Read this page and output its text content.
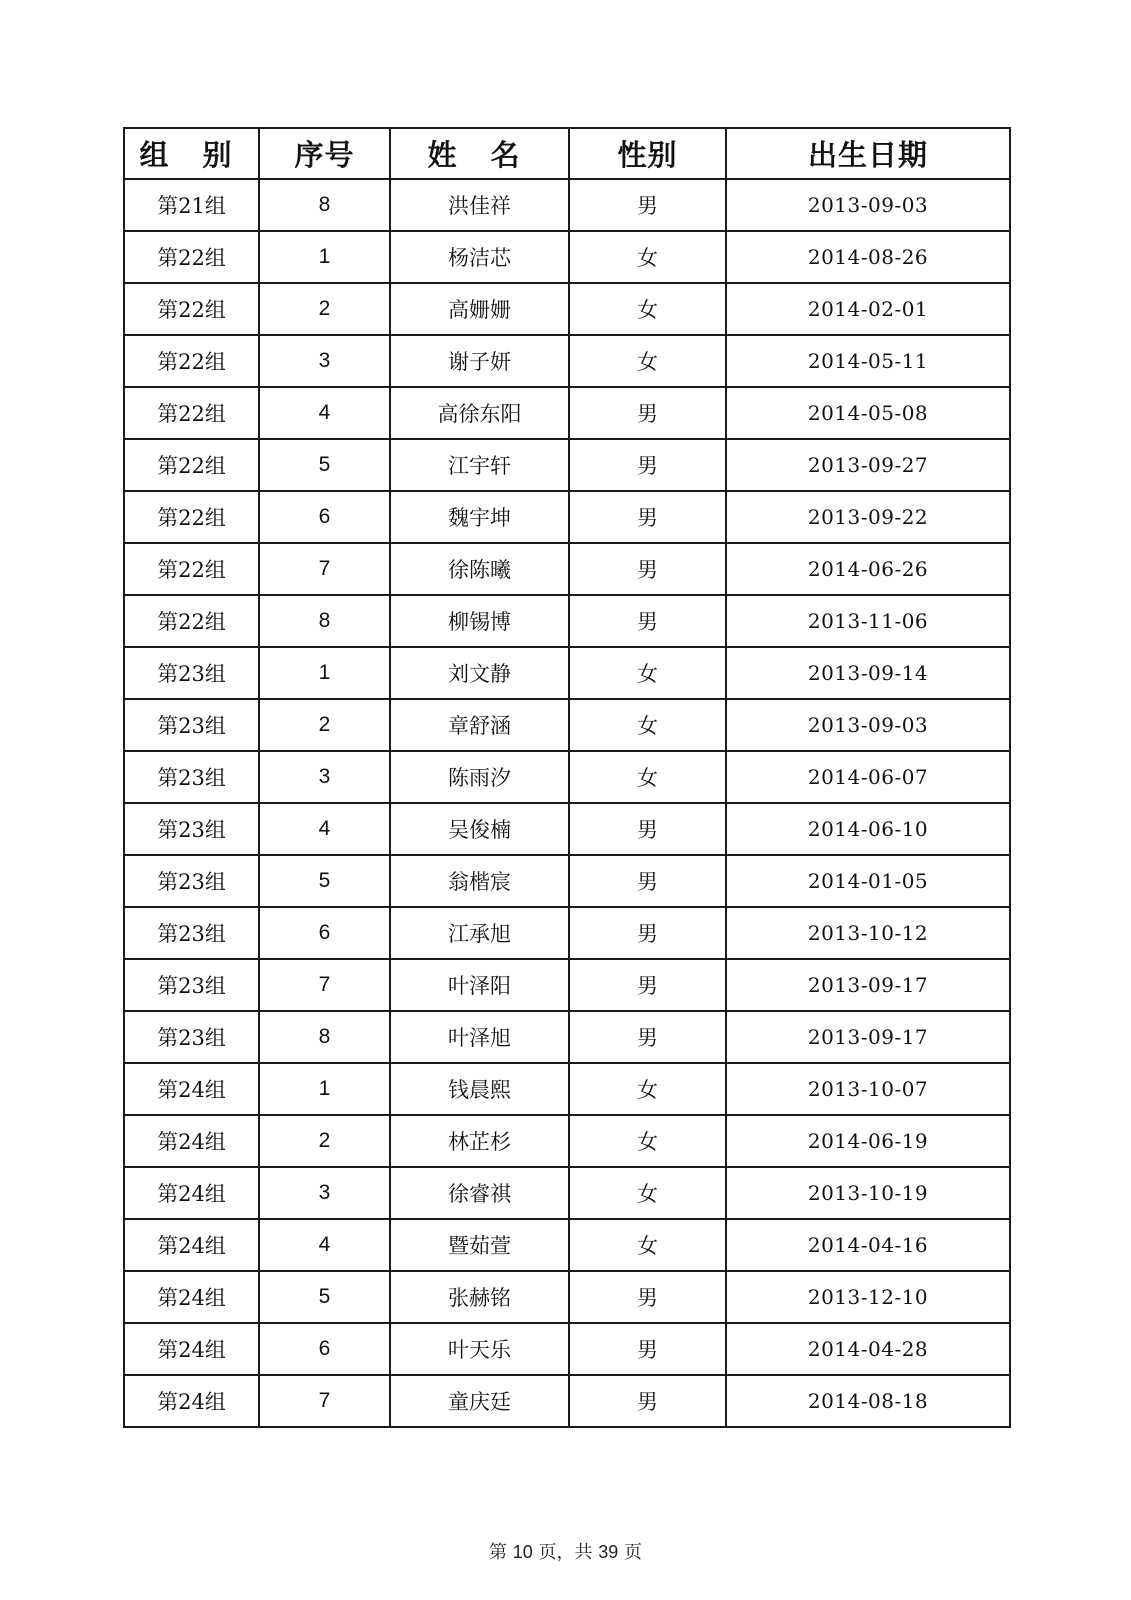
组 别	序号	姓 名	性别	出生日期
第21组	8	洪佳祥	男	2013-09-03
第22组	1	杨洁芯	女	2014-08-26
第22组	2	高姗姗	女	2014-02-01
第22组	3	谢子妍	女	2014-05-11
第22组	4	高徐东阳	男	2014-05-08
第22组	5	江宇轩	男	2013-09-27
第22组	6	魏宇坤	男	2013-09-22
第22组	7	徐陈曦	男	2014-06-26
第22组	8	柳锡博	男	2013-11-06
第23组	1	刘文静	女	2013-09-14
第23组	2	章舒涵	女	2013-09-03
第23组	3	陈雨汐	女	2014-06-07
第23组	4	吴俊楠	男	2014-06-10
第23组	5	翁楷宸	男	2014-01-05
第23组	6	江承旭	男	2013-10-12
第23组	7	叶泽阳	男	2013-09-17
第23组	8	叶泽旭	男	2013-09-17
第24组	1	钱晨熙	女	2013-10-07
第24组	2	林芷杉	女	2014-06-19
第24组	3	徐睿祺	女	2013-10-19
第24组	4	暨茹萱	女	2014-04-16
第24组	5	张赫铭	男	2013-12-10
第24组	6	叶天乐	男	2014-04-28
第24组	7	童庆廷	男	2014-08-18
第 10 页，共 39 页
